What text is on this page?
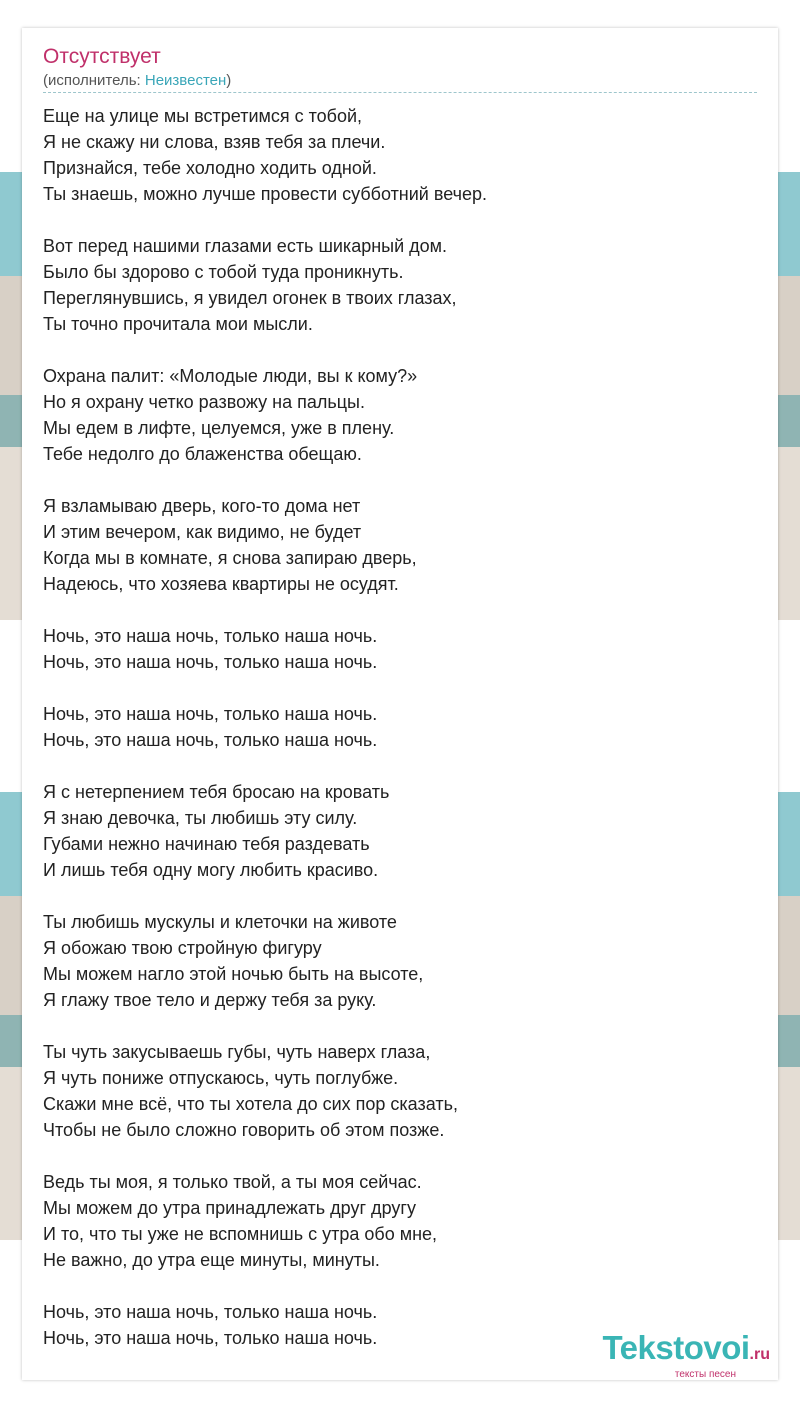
Отсутствует
(исполнитель: Неизвестен)
Еще на улице мы встретимся с тобой,
Я не скажу ни слова, взяв тебя за плечи.
Признайся, тебе холодно ходить одной.
Ты знаешь, можно лучше провести субботний вечер.
Вот перед нашими глазами есть шикарный дом.
Было бы здорово с тобой туда проникнуть.
Переглянувшись, я увидел огонек в твоих глазах,
Ты точно прочитала мои мысли.
Охрана палит: «Молодые люди, вы к кому?»
Но я охрану четко развожу на пальцы.
Мы едем в лифте, целуемся, уже в плену.
Тебе недолго до блаженства обещаю.
Я взламываю дверь, кого-то дома нет
И этим вечером, как видимо, не будет
Когда мы в комнате, я снова запираю дверь,
Надеюсь, что хозяева квартиры не осудят.
Ночь, это наша ночь, только наша ночь.
Ночь, это наша ночь, только наша ночь.
Ночь, это наша ночь, только наша ночь.
Ночь, это наша ночь, только наша ночь.
Я с нетерпением тебя бросаю на кровать
Я знаю девочка, ты любишь эту силу.
Губами нежно начинаю тебя раздевать
И лишь тебя одну могу любить красиво.
Ты любишь мускулы и клеточки на животе
Я обожаю твою стройную фигуру
Мы можем нагло этой ночью быть на высоте,
Я глажу твое тело и держу тебя за руку.
Ты чуть закусываешь губы, чуть наверх глаза,
Я чуть пониже отпускаюсь, чуть поглубже.
Скажи мне всё, что ты хотела до сих пор сказать,
Чтобы не было сложно говорить об этом позже.
Ведь ты моя, я только твой, а ты моя сейчас.
Мы можем до утра принадлежать друг другу
И то, что ты уже не вспомнишь с утра обо мне,
Не важно, до утра еще минуты, минуты.
Ночь, это наша ночь, только наша ночь.
Ночь, это наша ночь, только наша ночь.	Tekstovoi.ru
тексты песен
